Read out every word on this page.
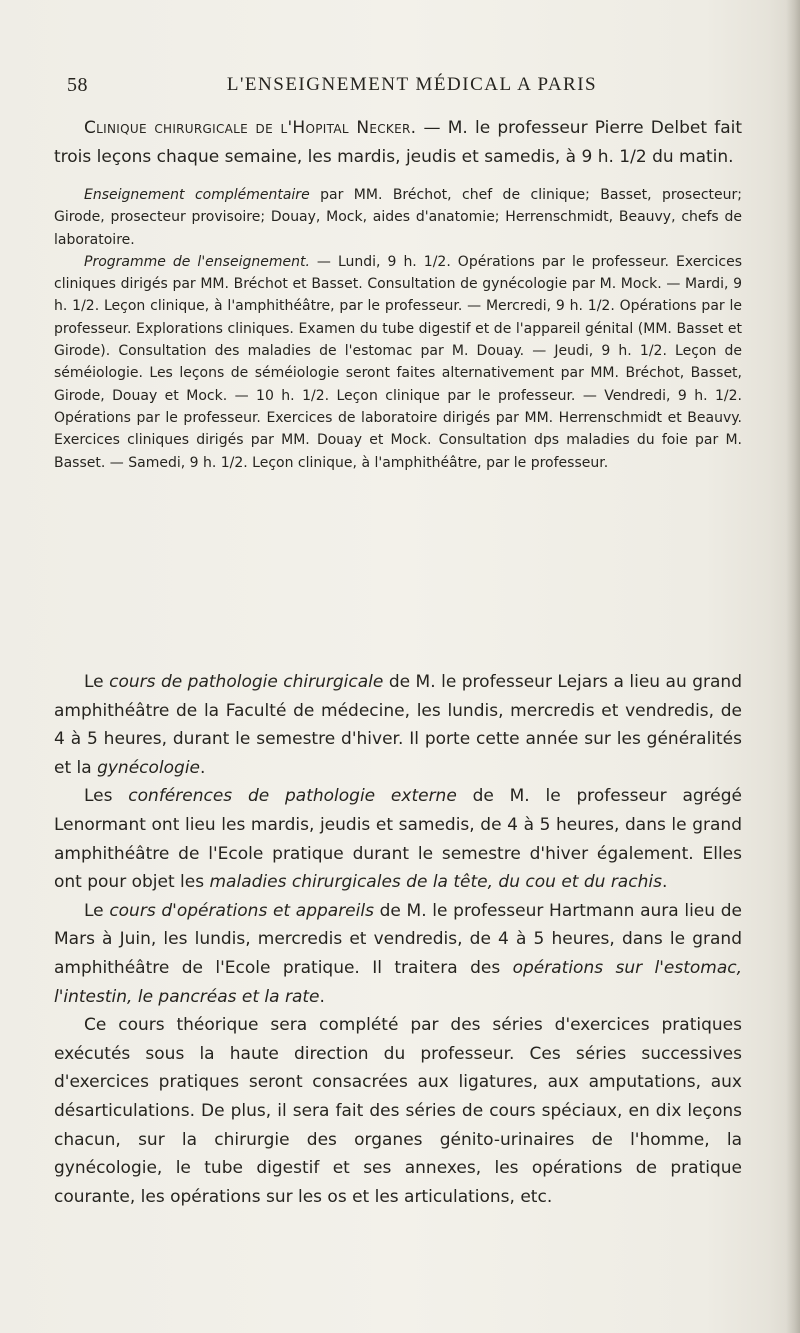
58	L'ENSEIGNEMENT MÉDICAL A PARIS

Clinique chirurgicale de l'Hopital Necker. — M. le professeur Pierre Delbet fait trois leçons chaque semaine, les mardis, jeudis et samedis, à 9 h. 1/2 du matin.

Enseignement complémentaire par MM. Bréchot, chef de clinique; Basset, prosecteur; Girode, prosecteur provisoire; Douay, Mock, aides d'anatomie; Herrenschmidt, Beauvy, chefs de laboratoire.

Programme de l'enseignement. — Lundi, 9 h. 1/2. Opérations par le professeur. Exercices cliniques dirigés par MM. Bréchot et Basset. Consultation de gynécologie par M. Mock. — Mardi, 9 h. 1/2. Leçon clinique, à l'amphithéâtre, par le professeur. — Mercredi, 9 h. 1/2. Opérations par le professeur. Explorations cliniques. Examen du tube digestif et de l'appareil génital (MM. Basset et Girode). Consultation des maladies de l'estomac par M. Douay. — Jeudi, 9 h. 1/2. Leçon de séméiologie. Les leçons de séméiologie seront faites alternativement par MM. Bréchot, Basset, Girode, Douay et Mock. — 10 h. 1/2. Leçon clinique par le professeur. — Vendredi, 9 h. 1/2. Opérations par le professeur. Exercices de laboratoire dirigés par MM. Herrenschmidt et Beauvy. Exercices cliniques dirigés par MM. Douay et Mock. Consultation dps maladies du foie par M. Basset. — Samedi, 9 h. 1/2. Leçon clinique, à l'amphithéâtre, par le professeur.

Le cours de pathologie chirurgicale de M. le professeur Lejars a lieu au grand amphithéâtre de la Faculté de médecine, les lundis, mercredis et vendredis, de 4 à 5 heures, durant le semestre d'hiver. Il porte cette année sur les généralités et la gynécologie.

Les conférences de pathologie externe de M. le professeur agrégé Lenormant ont lieu les mardis, jeudis et samedis, de 4 à 5 heures, dans le grand amphithéâtre de l'Ecole pratique durant le semestre d'hiver également. Elles ont pour objet les maladies chirurgicales de la tête, du cou et du rachis.

Le cours d'opérations et appareils de M. le professeur Hartmann aura lieu de Mars à Juin, les lundis, mercredis et vendredis, de 4 à 5 heures, dans le grand amphithéâtre de l'Ecole pratique. Il traitera des opérations sur l'estomac, l'intestin, le pancréas et la rate.

Ce cours théorique sera complété par des séries d'exercices pratiques exécutés sous la haute direction du professeur. Ces séries successives d'exercices pratiques seront consacrées aux ligatures, aux amputations, aux désarticulations. De plus, il sera fait des séries de cours spéciaux, en dix leçons chacun, sur la chirurgie des organes génito-urinaires de l'homme, la gynécologie, le tube digestif et ses annexes, les opérations de pratique courante, les opérations sur les os et les articulations, etc.
